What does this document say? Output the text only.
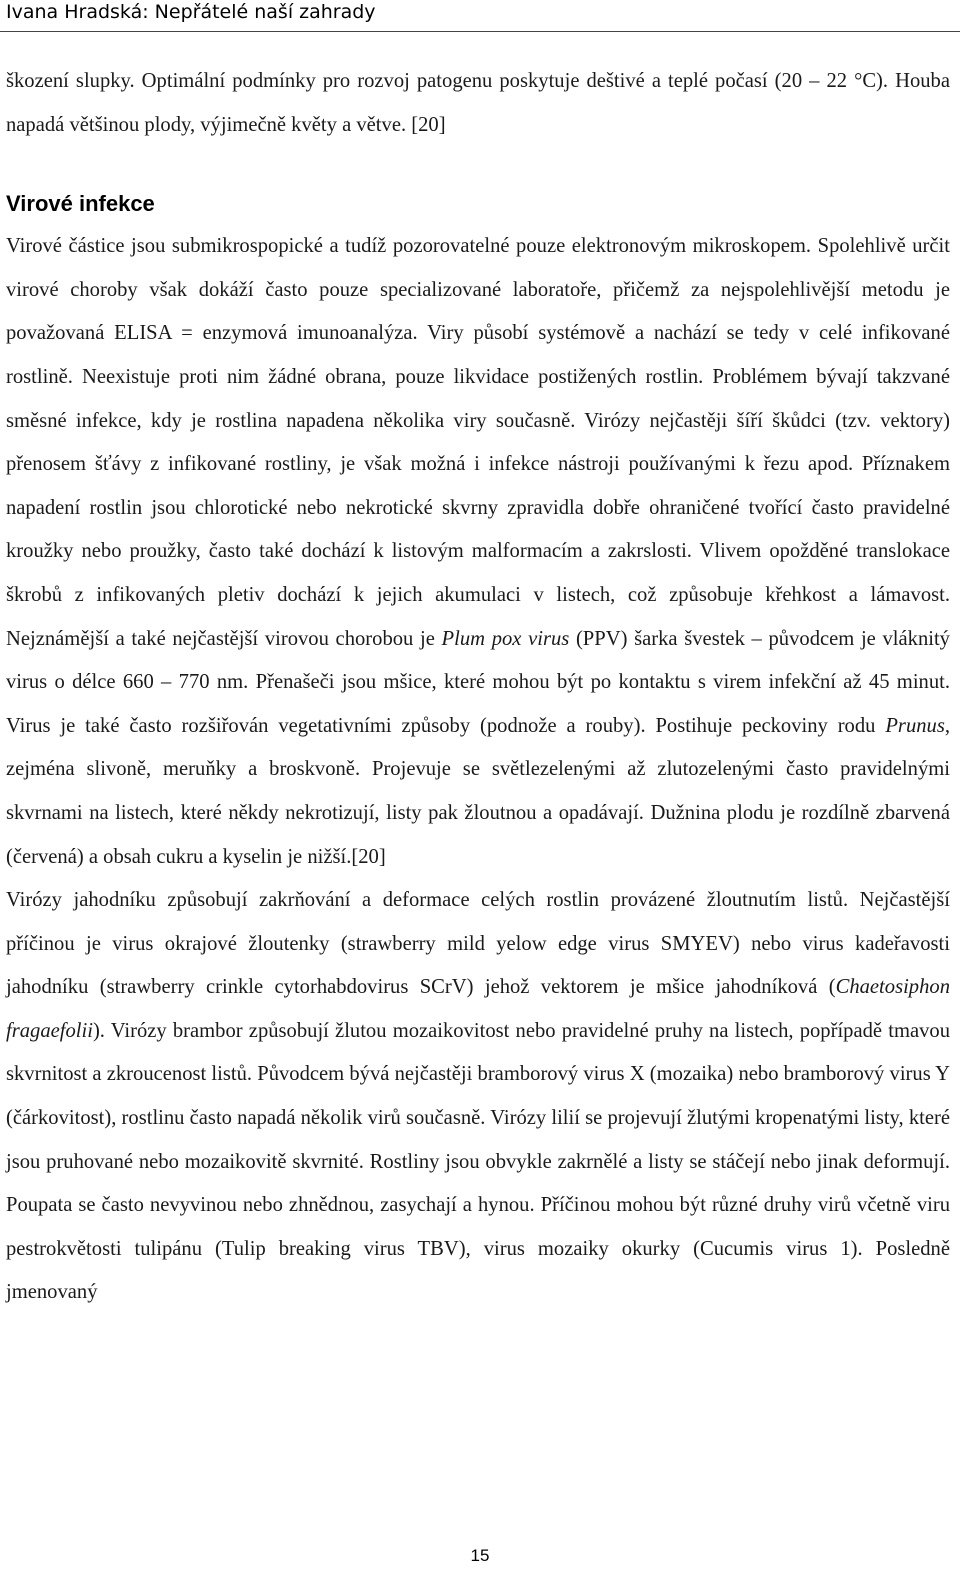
Ivana Hradská: Nepřátelé naší zahrady

škození slupky. Optimální podmínky pro rozvoj patogenu poskytuje deštivé a teplé počasí (20 – 22 °C). Houba napadá většinou plody, výjimečně květy a větve. [20]

Virové infekce

Virové částice jsou submikrospopické a tudíž pozorovatelné pouze elektronovým mikroskopem. Spolehlivě určit virové choroby však dokáží často pouze specializované laboratoře, přičemž za nejspolehlivější metodu je považovaná ELISA = enzymová imunoanalýza. Viry působí systémově a nachází se tedy v celé infikované rostlině. Neexistuje proti nim žádné obrana, pouze likvidace postižených rostlin. Problémem bývají takzvané směsné infekce, kdy je rostlina napadena několika viry současně. Virózy nejčastěji šíří škůdci (tzv. vektory) přenosem šťávy z infikované rostliny, je však možná i infekce nástroji používanými k řezu apod. Příznakem napadení rostlin jsou chlorotické nebo nekrotické skvrny zpravidla dobře ohraničené tvořící často pravidelné kroužky nebo proužky, často také dochází k listovým malformacím a zakrslosti. Vlivem opožděné translokace škrobů z infikovaných pletiv dochází k jejich akumulaci v listech, což způsobuje křehkost a lámavost. Nejznámější a také nejčastější virovou chorobou je Plum pox virus (PPV) šarka švestek – původcem je vláknitý virus o délce 660 – 770 nm. Přenašeči jsou mšice, které mohou být po kontaktu s virem infekční až 45 minut. Virus je také často rozšiřován vegetativními způsoby (podnože a rouby). Postihuje peckoviny rodu Prunus, zejména slivoně, meruňky a broskvoně. Projevuje se světlezelenými až zlutozelenými často pravidelnými skvrnami na listech, které někdy nekrotizují, listy pak žloutnou a opadávají. Dužnina plodu je rozdílně zbarvená (červená) a obsah cukru a kyselin je nižší.[20]

Virózy jahodníku způsobují zakrňování a deformace celých rostlin provázené žloutnutím listů. Nejčastější příčinou je virus okrajové žloutenky (strawberry mild yelow edge virus SMYEV) nebo virus kadeřavosti jahodníku (strawberry crinkle cytorhabdovirus SCrV) jehož vektorem je mšice jahodníková (Chaetosiphon fragaefolii). Virózy brambor způsobují žlutou mozaikovitost nebo pravidelné pruhy na listech, popřípadě tmavou skvrnitost a zkroucenost listů. Původcem bývá nejčastěji bramborový virus X (mozaika) nebo bramborový virus Y (čárkovitost), rostlinu často napadá několik virů současně. Virózy lilií se projevují žlutými kropenatými listy, které jsou pruhované nebo mozaikovitě skvrnité. Rostliny jsou obvykle zakrnělé a listy se stáčejí nebo jinak deformují. Poupata se často nevyvinou nebo zhnědnou, zasychají a hynou. Příčinou mohou být různé druhy virů včetně viru pestrokvětosti tulipánu (Tulip breaking virus TBV), virus mozaiky okurky (Cucumis virus 1). Posledně jmenovaný

15
